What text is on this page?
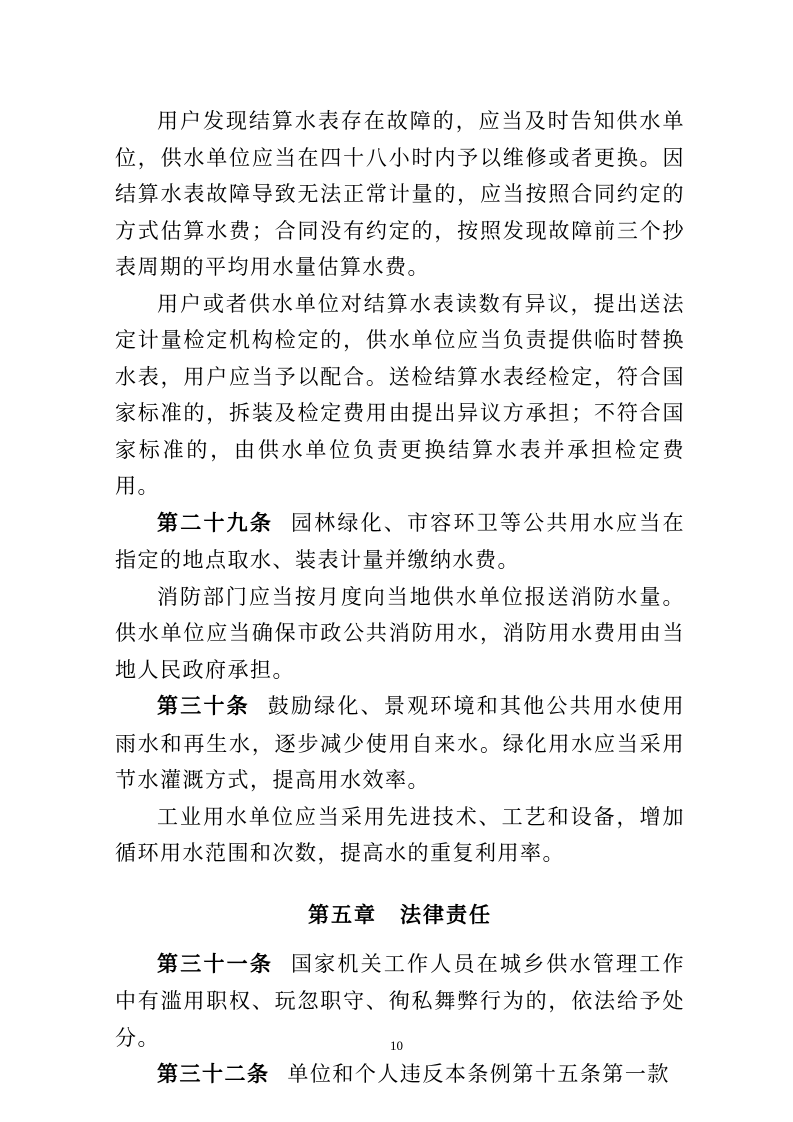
用户发现结算水表存在故障的，应当及时告知供水单位，供水单位应当在四十八小时内予以维修或者更换。因结算水表故障导致无法正常计量的，应当按照合同约定的方式估算水费；合同没有约定的，按照发现故障前三个抄表周期的平均用水量估算水费。

用户或者供水单位对结算水表读数有异议，提出送法定计量检定机构检定的，供水单位应当负责提供临时替换水表，用户应当予以配合。送检结算水表经检定，符合国家标准的，拆装及检定费用由提出异议方承担；不符合国家标准的，由供水单位负责更换结算水表并承担检定费用。

第二十九条 园林绿化、市容环卫等公共用水应当在指定的地点取水、装表计量并缴纳水费。

消防部门应当按月度向当地供水单位报送消防水量。供水单位应当确保市政公共消防用水，消防用水费用由当地人民政府承担。

第三十条 鼓励绿化、景观环境和其他公共用水使用雨水和再生水，逐步减少使用自来水。绿化用水应当采用节水灌溉方式，提高用水效率。

工业用水单位应当采用先进技术、工艺和设备，增加循环用水范围和次数，提高水的重复利用率。

第五章　法律责任

第三十一条 国家机关工作人员在城乡供水管理工作中有滥用职权、玩忽职守、徇私舞弊行为的，依法给予处分。

第三十二条 单位和个人违反本条例第十五条第一款

10
